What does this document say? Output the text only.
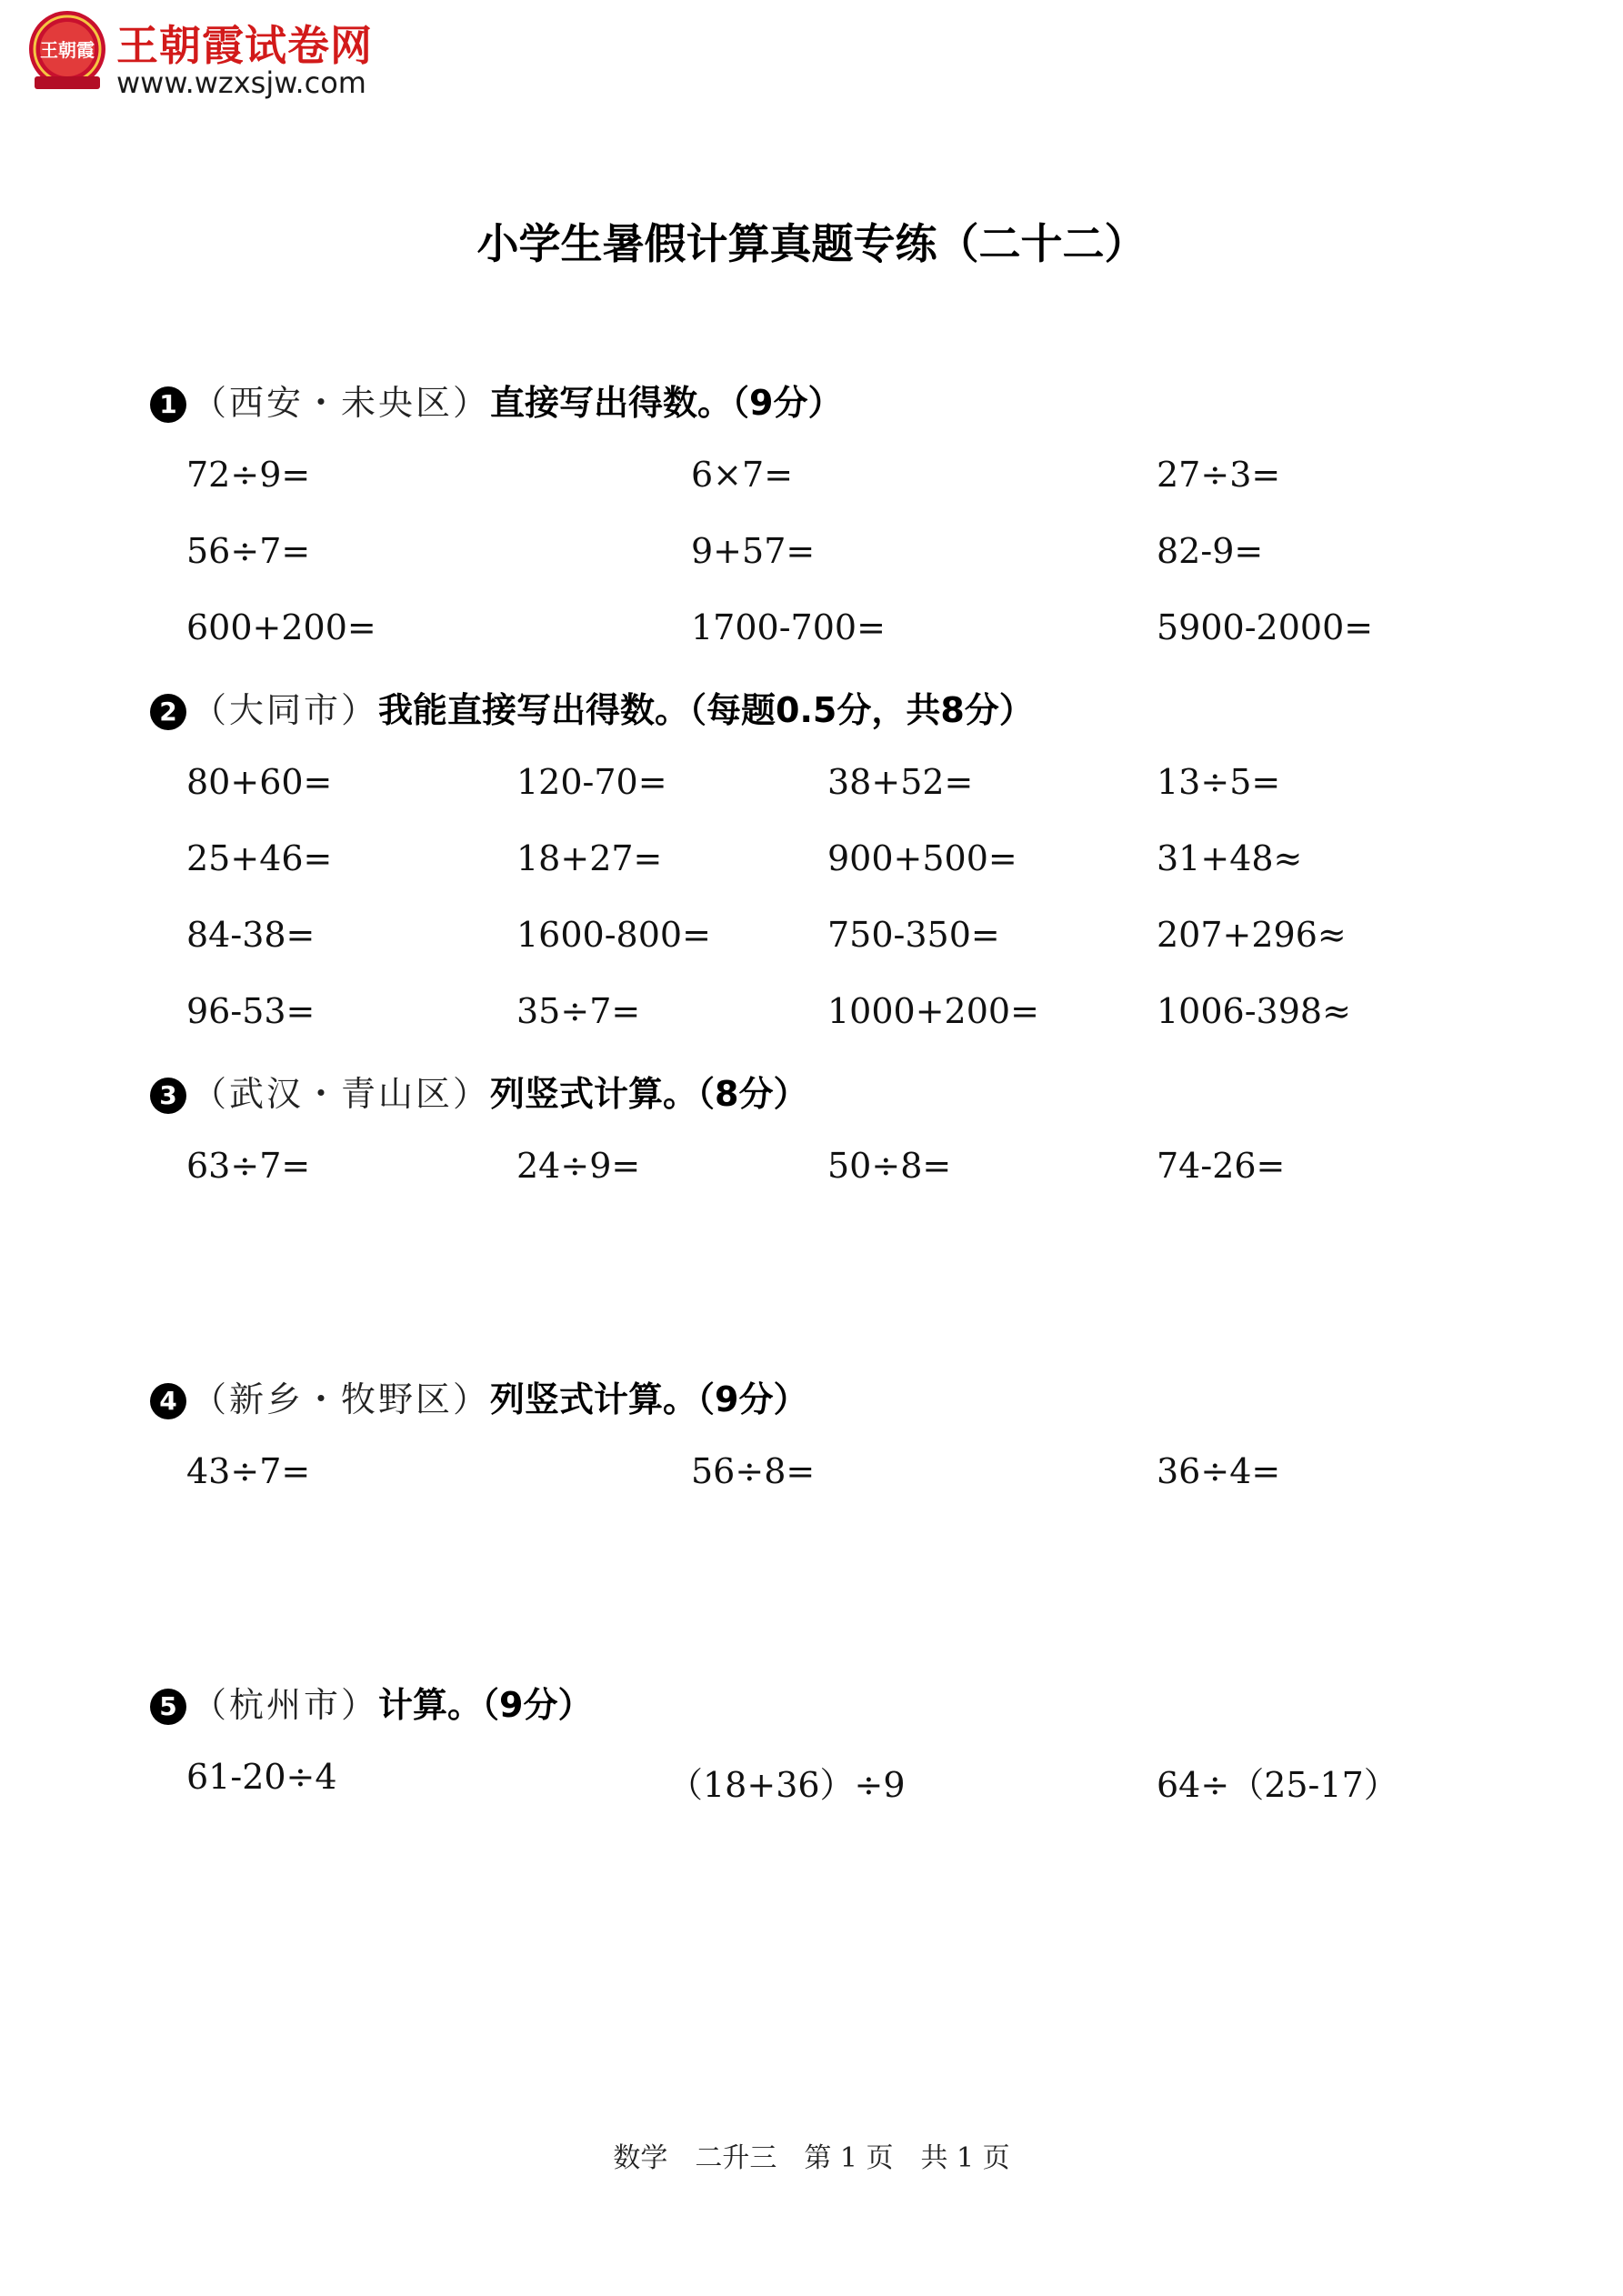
王朝霞 王朝霞试卷网
www.wzxsjw.com
小学生暑假计算真题专练（二十二）
1 （西安・未央区）直接写出得数。（9分）
72÷9=	6×7=	27÷3=
56÷7=	9+57=	82-9=
600+200=	1700-700=	5900-2000=
2 （大同市）我能直接写出得数。（每题0.5分，共8分）
80+60=	120-70=	38+52=	13÷5=
25+46=	18+27=	900+500=	31+48≈
84-38=	1600-800=	750-350=	207+296≈
96-53=	35÷7=	1000+200=	1006-398≈
3 （武汉・青山区）列竖式计算。（8分）
63÷7=	24÷9=	50÷8=	74-26=
4 （新乡・牧野区）列竖式计算。（9分）
43÷7=	56÷8=	36÷4=
5 （杭州市）计算。（9分）
61-20÷4	（18+36）÷9	64÷（25-17）
数学　二升三　第 1 页　共 1 页
